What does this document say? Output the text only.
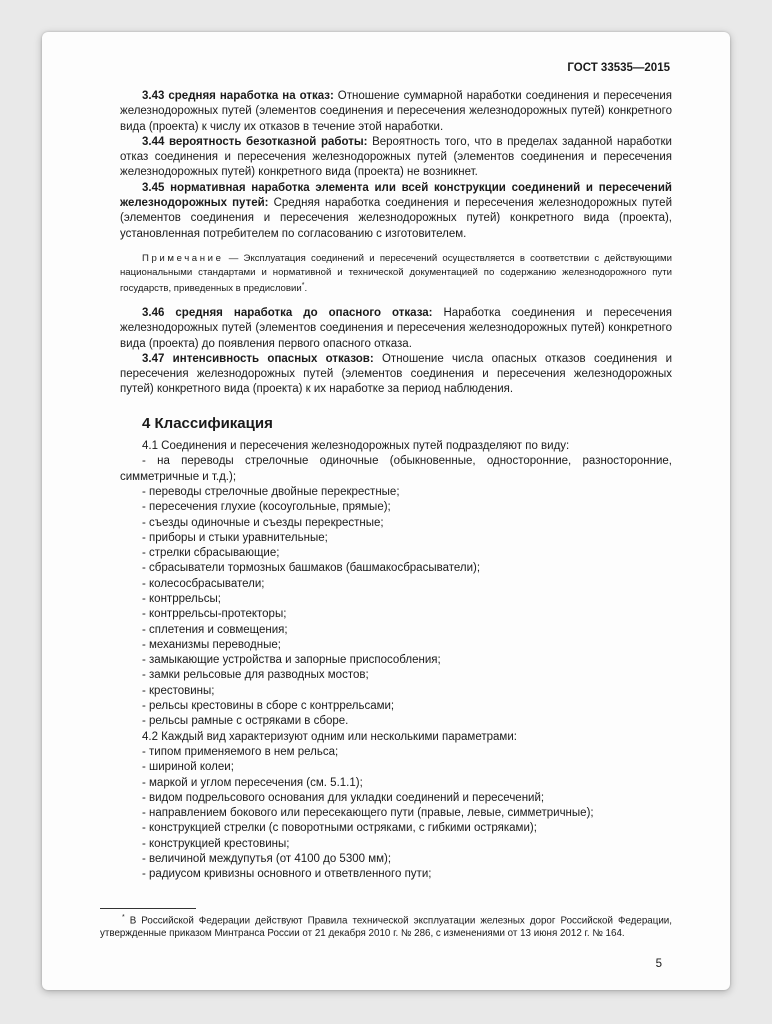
ГОСТ 33535—2015

3.43 средняя наработка на отказ: Отношение суммарной наработки соединения и пересечения железнодорожных путей (элементов соединения и пересечения железнодорожных путей) конкретного вида (проекта) к числу их отказов в течение этой наработки.

3.44 вероятность безотказной работы: Вероятность того, что в пределах заданной наработки отказ соединения и пересечения железнодорожных путей (элементов соединения и пересечения железнодорожных путей) конкретного вида (проекта) не возникнет.

3.45 нормативная наработка элемента или всей конструкции соединений и пересечений железнодорожных путей: Средняя наработка соединения и пересечения железнодорожных путей (элементов соединения и пересечения железнодорожных путей) конкретного вида (проекта), установленная потребителем по согласованию с изготовителем.

Примечание — Эксплуатация соединений и пересечений осуществляется в соответствии с действующими национальными стандартами и нормативной и технической документацией по содержанию железнодорожного пути государств, приведенных в предисловии*.

3.46 средняя наработка до опасного отказа: Наработка соединения и пересечения железнодорожных путей (элементов соединения и пересечения железнодорожных путей) конкретного вида (проекта) до появления первого опасного отказа.

3.47 интенсивность опасных отказов: Отношение числа опасных отказов соединения и пересечения железнодорожных путей (элементов соединения и пересечения железнодорожных путей) конкретного вида (проекта) к их наработке за период наблюдения.

4 Классификация

4.1 Соединения и пересечения железнодорожных путей подразделяют по виду:

- на переводы стрелочные одиночные (обыкновенные, односторонние, разносторонние, симметричные и т.д.);

- переводы стрелочные двойные перекрестные;

- пересечения глухие (косоугольные, прямые);

- съезды одиночные и съезды перекрестные;

- приборы и стыки уравнительные;

- стрелки сбрасывающие;

- сбрасыватели тормозных башмаков (башмакосбрасыватели);

- колесосбрасыватели;

- контррельсы;

- контррельсы-протекторы;

- сплетения и совмещения;

- механизмы переводные;

- замыкающие устройства и запорные приспособления;

- замки рельсовые для разводных мостов;

- крестовины;

- рельсы крестовины в сборе с контррельсами;

- рельсы рамные с остряками в сборе.

4.2 Каждый вид характеризуют одним или несколькими параметрами:

- типом применяемого в нем рельса;

- шириной колеи;

- маркой и углом пересечения (см. 5.1.1);

- видом подрельсового основания для укладки соединений и пересечений;

- направлением бокового или пересекающего пути (правые, левые, симметричные);

- конструкцией стрелки (с поворотными остряками, с гибкими остряками);

- конструкцией крестовины;

- величиной междупутья (от 4100 до 5300 мм);

- радиусом кривизны основного и ответвленного пути;

* В Российской Федерации действуют Правила технической эксплуатации железных дорог Российской Федерации, утвержденные приказом Минтранса России от 21 декабря 2010 г. № 286, с изменениями от 13 июня 2012 г. № 164.
5
